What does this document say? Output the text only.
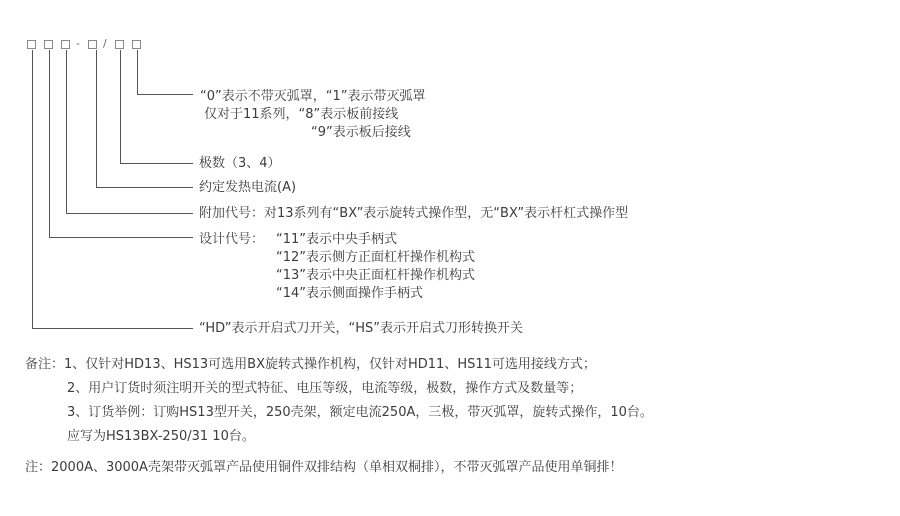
- /
“0”表示不带灭弧罩，“1”表示带灭弧罩
仅对于11系列，“8”表示板前接线
“9”表示板后接线
极数（3、4）
约定发热电流(A)
附加代号：对13系列有“BX”表示旋转式操作型，无“BX”表示杆杠式操作型
设计代号： “11”表示中央手柄式
“12”表示侧方正面杠杆操作机构式
“13”表示中央正面杠杆操作机构式
“14”表示侧面操作手柄式
“HD”表示开启式刀开关，“HS”表示开启式刀形转换开关
备注：1、仅针对HD13、HS13可选用BX旋转式操作机构，仅针对HD11、HS11可选用接线方式；
2、用户订货时须注明开关的型式特征、电压等级，电流等级，极数，操作方式及数量等；
3、订货举例：订购HS13型开关，250壳架，额定电流250A，三极，带灭弧罩，旋转式操作，10台。
应写为HS13BX-250/31 10台。
注：2000A、3000A壳架带灭弧罩产品使用铜件双排结构（单相双桐排），不带灭弧罩产品使用单铜排！
